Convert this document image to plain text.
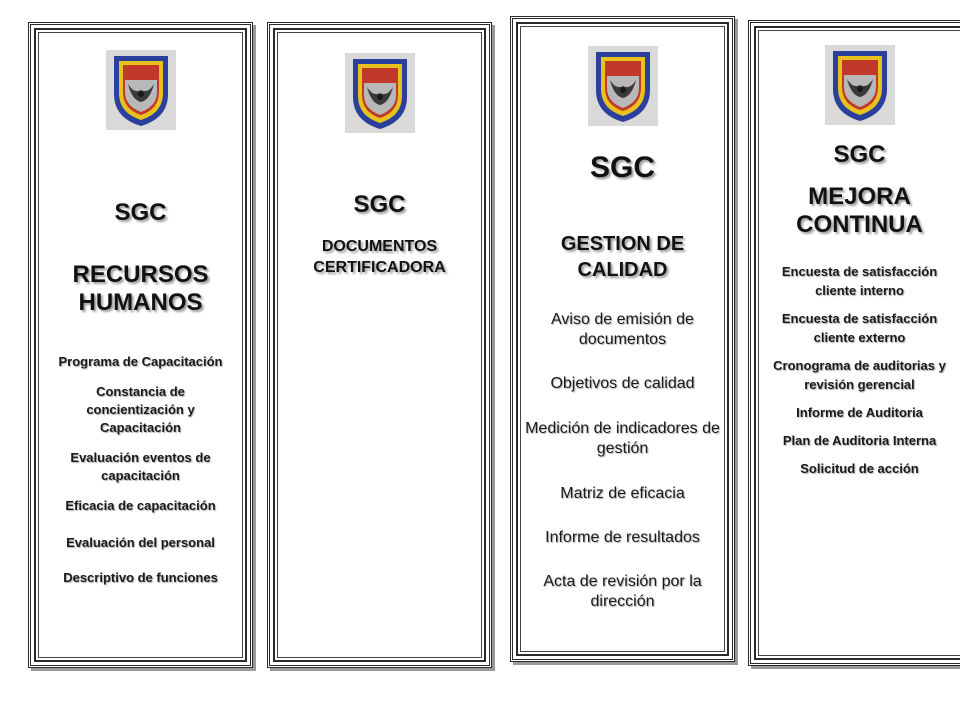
SGC
RECURSOS
HUMANOS
Programa de Capacitación
Constancia de concientización y Capacitación
Evaluación eventos de capacitación
Eficacia de capacitación
Evaluación del personal
Descriptivo de funciones
SGC
DOCUMENTOS
CERTIFICADORA
SGC
GESTION DE
CALIDAD
Aviso de emisión de documentos
Objetivos de calidad
Medición de indicadores de gestión
Matriz de eficacia
Informe de resultados
Acta de revisión por la dirección
SGC
MEJORA
CONTINUA
Encuesta de satisfacción cliente interno
Encuesta de satisfacción cliente externo
Cronograma de auditorias y revisión gerencial
Informe de Auditoria
Plan de Auditoria Interna
Solicitud de acción
